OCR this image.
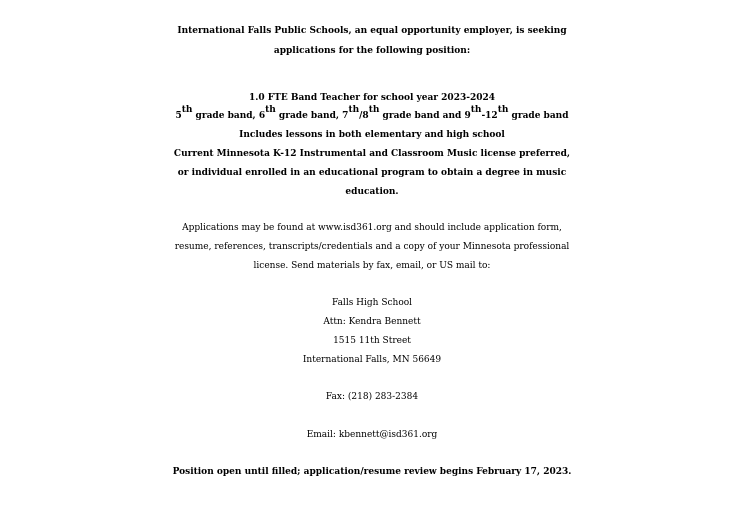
International Falls Public Schools, an equal opportunity employer, is seeking
applications for the following position:
1.0 FTE Band Teacher for school year 2023-2024
5th grade band, 6th grade band, 7th/8th grade band and 9th-12th grade band
Includes lessons in both elementary and high school
Current Minnesota K-12 Instrumental and Classroom Music license preferred,
or individual enrolled in an educational program to obtain a degree in music
education.
Applications may be found at www.isd361.org and should include application form,
resume, references, transcripts/credentials and a copy of your Minnesota professional
license. Send materials by fax, email, or US mail to:
Falls High School
Attn: Kendra Bennett
1515 11th Street
International Falls, MN 56649
Fax: (218) 283-2384
Email: kbennett@isd361.org
Position open until filled; application/resume review begins February 17, 2023.
